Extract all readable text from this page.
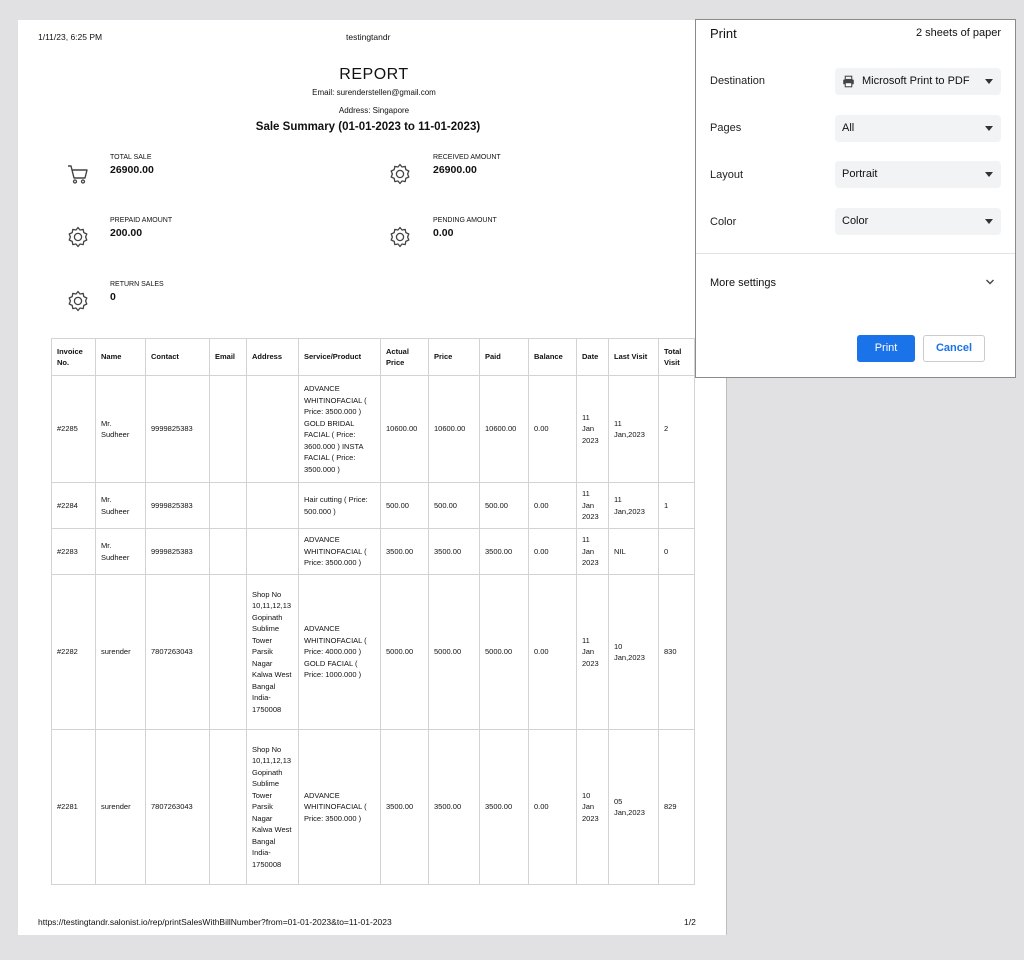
1/11/23, 6:25 PM	testingtandr
REPORT
Email: surenderstellen@gmail.com
Address: Singapore
Sale Summary (01-01-2023 to 11-01-2023)
TOTAL SALE
26900.00
RECEIVED AMOUNT
26900.00
PREPAID AMOUNT
200.00
PENDING AMOUNT
0.00
RETURN SALES
0
Invoice No.	Name	Contact	Email	Address	Service/Product	Actual Price	Price	Paid	Balance	Date	Last Visit	Total Visit
#2285	Mr. Sudheer	9999825383			ADVANCE WHITINOFACIAL ( Price: 3500.000 ) GOLD BRIDAL FACIAL ( Price: 3600.000 ) INSTA FACIAL ( Price: 3500.000 )	10600.00	10600.00	10600.00	0.00	11 Jan 2023	11 Jan,2023	2
#2284	Mr. Sudheer	9999825383			Hair cutting ( Price: 500.000 )	500.00	500.00	500.00	0.00	11 Jan 2023	11 Jan,2023	1
#2283	Mr. Sudheer	9999825383			ADVANCE WHITINOFACIAL ( Price: 3500.000 )	3500.00	3500.00	3500.00	0.00	11 Jan 2023	NIL	0
#2282	surender	7807263043		Shop No 10,11,12,13 Gopinath Sublime Tower Parsik Nagar Kalwa West Bangal India-1750008	ADVANCE WHITINOFACIAL ( Price: 4000.000 ) GOLD FACIAL ( Price: 1000.000 )	5000.00	5000.00	5000.00	0.00	11 Jan 2023	10 Jan,2023	830
#2281	surender	7807263043		Shop No 10,11,12,13 Gopinath Sublime Tower Parsik Nagar Kalwa West Bangal India-1750008	ADVANCE WHITINOFACIAL ( Price: 3500.000 )	3500.00	3500.00	3500.00	0.00	10 Jan 2023	05 Jan,2023	829
https://testingtandr.salonist.io/rep/printSalesWithBillNumber?from=01-01-2023&to=11-01-2023	1/2
Print	2 sheets of paper
Destination	Microsoft Print to PDF
Pages	All
Layout	Portrait
Color	Color
More settings
Print	Cancel
